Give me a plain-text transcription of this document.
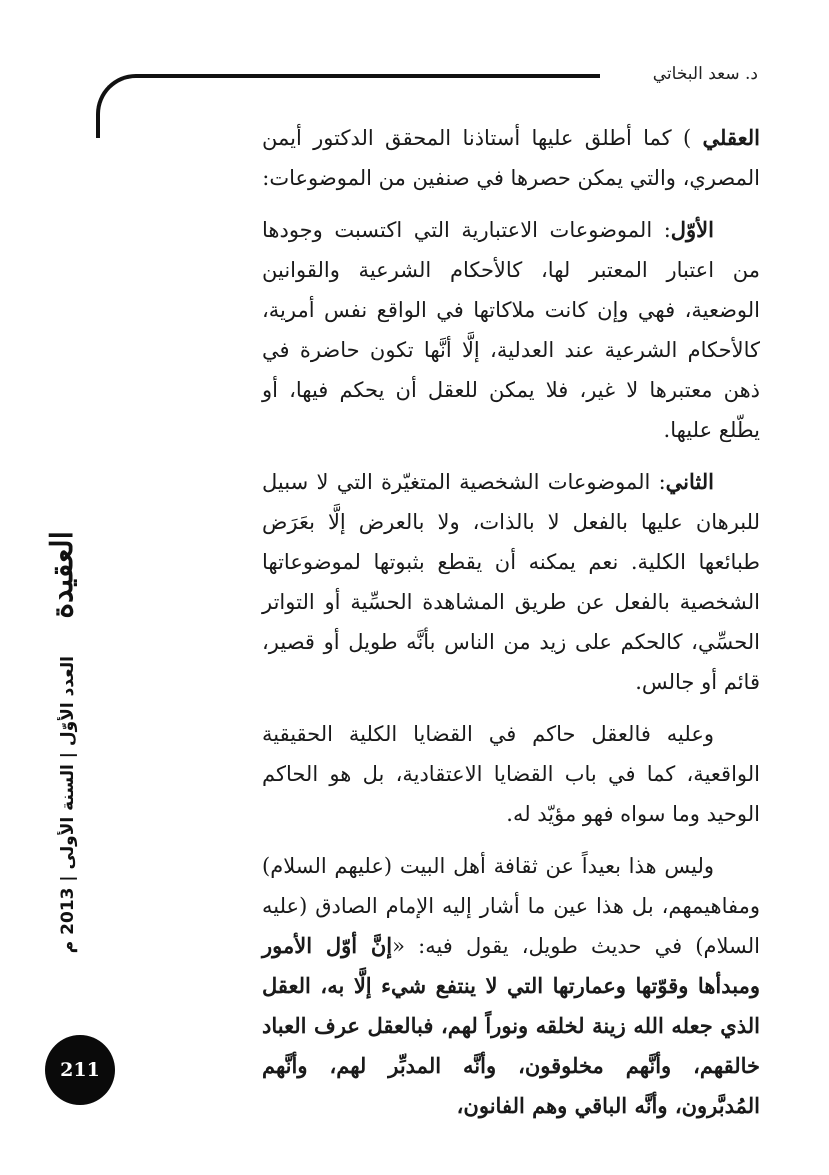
د. سعد البخاتي

العقلي ) كما أطلق عليها أستاذنا المحقق الدكتور أيمن المصري، والتي يمكن حصرها في صنفين من الموضوعات:

الأوّل: الموضوعات الاعتبارية التي اكتسبت وجودها من اعتبار المعتبر لها، كالأحكام الشرعية والقوانين الوضعية، فهي وإن كانت ملاكاتها في الواقع نفس أمرية، كالأحكام الشرعية عند العدلية، إلَّا أنَّها تكون حاضرة في ذهن معتبرها لا غير، فلا يمكن للعقل أن يحكم فيها، أو يطّلع عليها.

الثاني: الموضوعات الشخصية المتغيّرة التي لا سبيل للبرهان عليها بالفعل لا بالذات، ولا بالعرض إلَّا بعَرَض طبائعها الكلية. نعم يمكنه أن يقطع بثبوتها لموضوعاتها الشخصية بالفعل عن طريق المشاهدة الحسِّية أو التواتر الحسِّي، كالحكم على زيد من الناس بأنَّه طويل أو قصير، قائم أو جالس.

وعليه فالعقل حاكم في القضايا الكلية الحقيقية الواقعية، كما في باب القضايا الاعتقادية، بل هو الحاكم الوحيد وما سواه فهو مؤيّد له.

وليس هذا بعيداً عن ثقافة أهل البيت (عليهم السلام) ومفاهيمهم، بل هذا عين ما أشار إليه الإمام الصادق (عليه السلام) في حديث طويل، يقول فيه: «إنَّ أوّل الأمور ومبدأها وقوّتها وعمارتها التي لا ينتفع شيء إلَّا به، العقل الذي جعله الله زينة لخلقه ونوراً لهم، فبالعقل عرف العباد خالقهم، وأنَّهم مخلوقون، وأنَّه المدبِّر لهم، وأنَّهم المُدبَّرون، وأنَّه الباقي وهم الفانون،

العقيدة
العدد الأوّل | السنة الأولى | 2013 م
211
